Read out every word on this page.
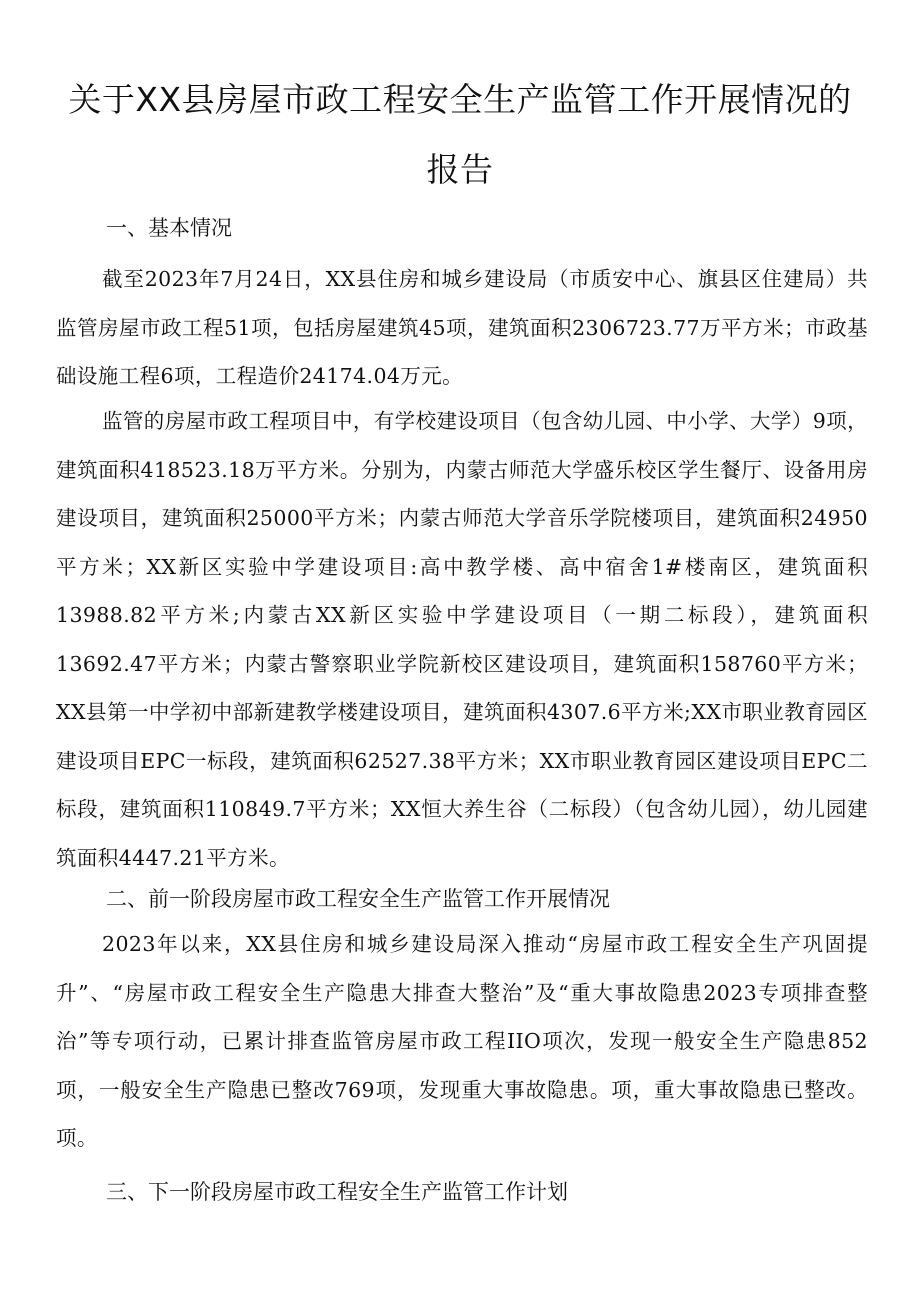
关于XX县房屋市政工程安全生产监管工作开展情况的
报告
一、基本情况

截至2023年7月24日，XX县住房和城乡建设局（市质安中心、旗县区住建局）共监管房屋市政工程51项，包括房屋建筑45项，建筑面积2306723.77万平方米；市政基础设施工程6项，工程造价24174.04万元。

监管的房屋市政工程项目中，有学校建设项目（包含幼儿园、中小学、大学）9项，建筑面积418523.18万平方米。分别为，内蒙古师范大学盛乐校区学生餐厅、设备用房建设项目，建筑面积25000平方米；内蒙古师范大学音乐学院楼项目，建筑面积24950平方米；XX新区实验中学建设项目:高中教学楼、高中宿舍1#楼南区，建筑面积13988.82平方米;内蒙古XX新区实验中学建设项目（一期二标段），建筑面积13692.47平方米；内蒙古警察职业学院新校区建设项目，建筑面积158760平方米；XX县第一中学初中部新建教学楼建设项目，建筑面积4307.6平方米;XX市职业教育园区建设项目EPC一标段，建筑面积62527.38平方米；XX市职业教育园区建设项目EPC二标段，建筑面积110849.7平方米；XX恒大养生谷（二标段）（包含幼儿园），幼儿园建筑面积4447.21平方米。

二、前一阶段房屋市政工程安全生产监管工作开展情况

2023年以来，XX县住房和城乡建设局深入推动“房屋市政工程安全生产巩固提升”、“房屋市政工程安全生产隐患大排查大整治”及“重大事故隐患2023专项排查整治”等专项行动，已累计排查监管房屋市政工程IIO项次，发现一般安全生产隐患852项，一般安全生产隐患已整改769项，发现重大事故隐患。项，重大事故隐患已整改。项。

三、下一阶段房屋市政工程安全生产监管工作计划
